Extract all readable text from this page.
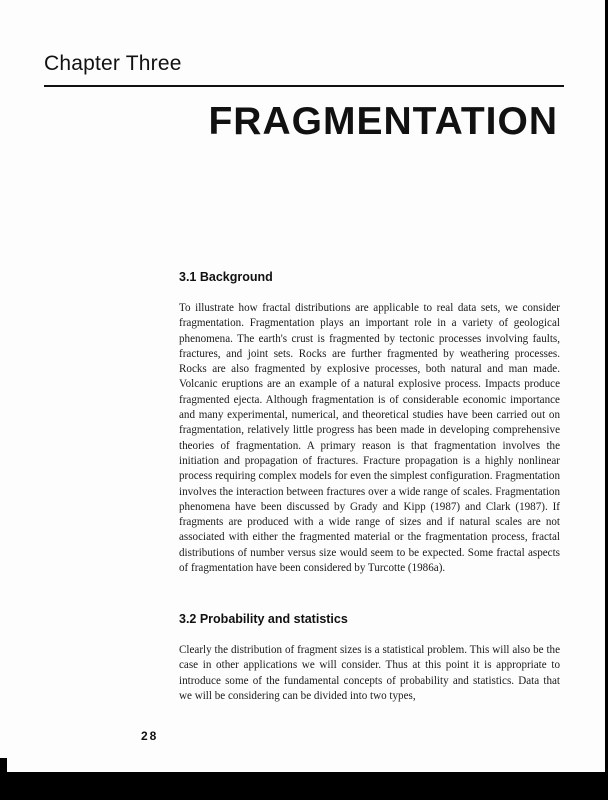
Chapter Three
FRAGMENTATION
3.1 Background

To illustrate how fractal distributions are applicable to real data sets, we consider fragmentation. Fragmentation plays an important role in a variety of geological phenomena. The earth's crust is fragmented by tectonic processes involving faults, fractures, and joint sets. Rocks are further fragmented by weathering processes. Rocks are also fragmented by explosive processes, both natural and man made. Volcanic eruptions are an example of a natural explosive process. Impacts produce fragmented ejecta. Although fragmentation is of considerable economic importance and many experimental, numerical, and theoretical studies have been carried out on fragmentation, relatively little progress has been made in developing comprehensive theories of fragmentation. A primary reason is that fragmentation involves the initiation and propagation of fractures. Fracture propagation is a highly nonlinear process requiring complex models for even the simplest configuration. Fragmentation involves the interaction between fractures over a wide range of scales. Fragmentation phenomena have been discussed by Grady and Kipp (1987) and Clark (1987). If fragments are produced with a wide range of sizes and if natural scales are not associated with either the fragmented material or the fragmentation process, fractal distributions of number versus size would seem to be expected. Some fractal aspects of fragmentation have been considered by Turcotte (1986a).

3.2 Probability and statistics

Clearly the distribution of fragment sizes is a statistical problem. This will also be the case in other applications we will consider. Thus at this point it is appropriate to introduce some of the fundamental concepts of probability and statistics. Data that we will be considering can be divided into two types,

28
